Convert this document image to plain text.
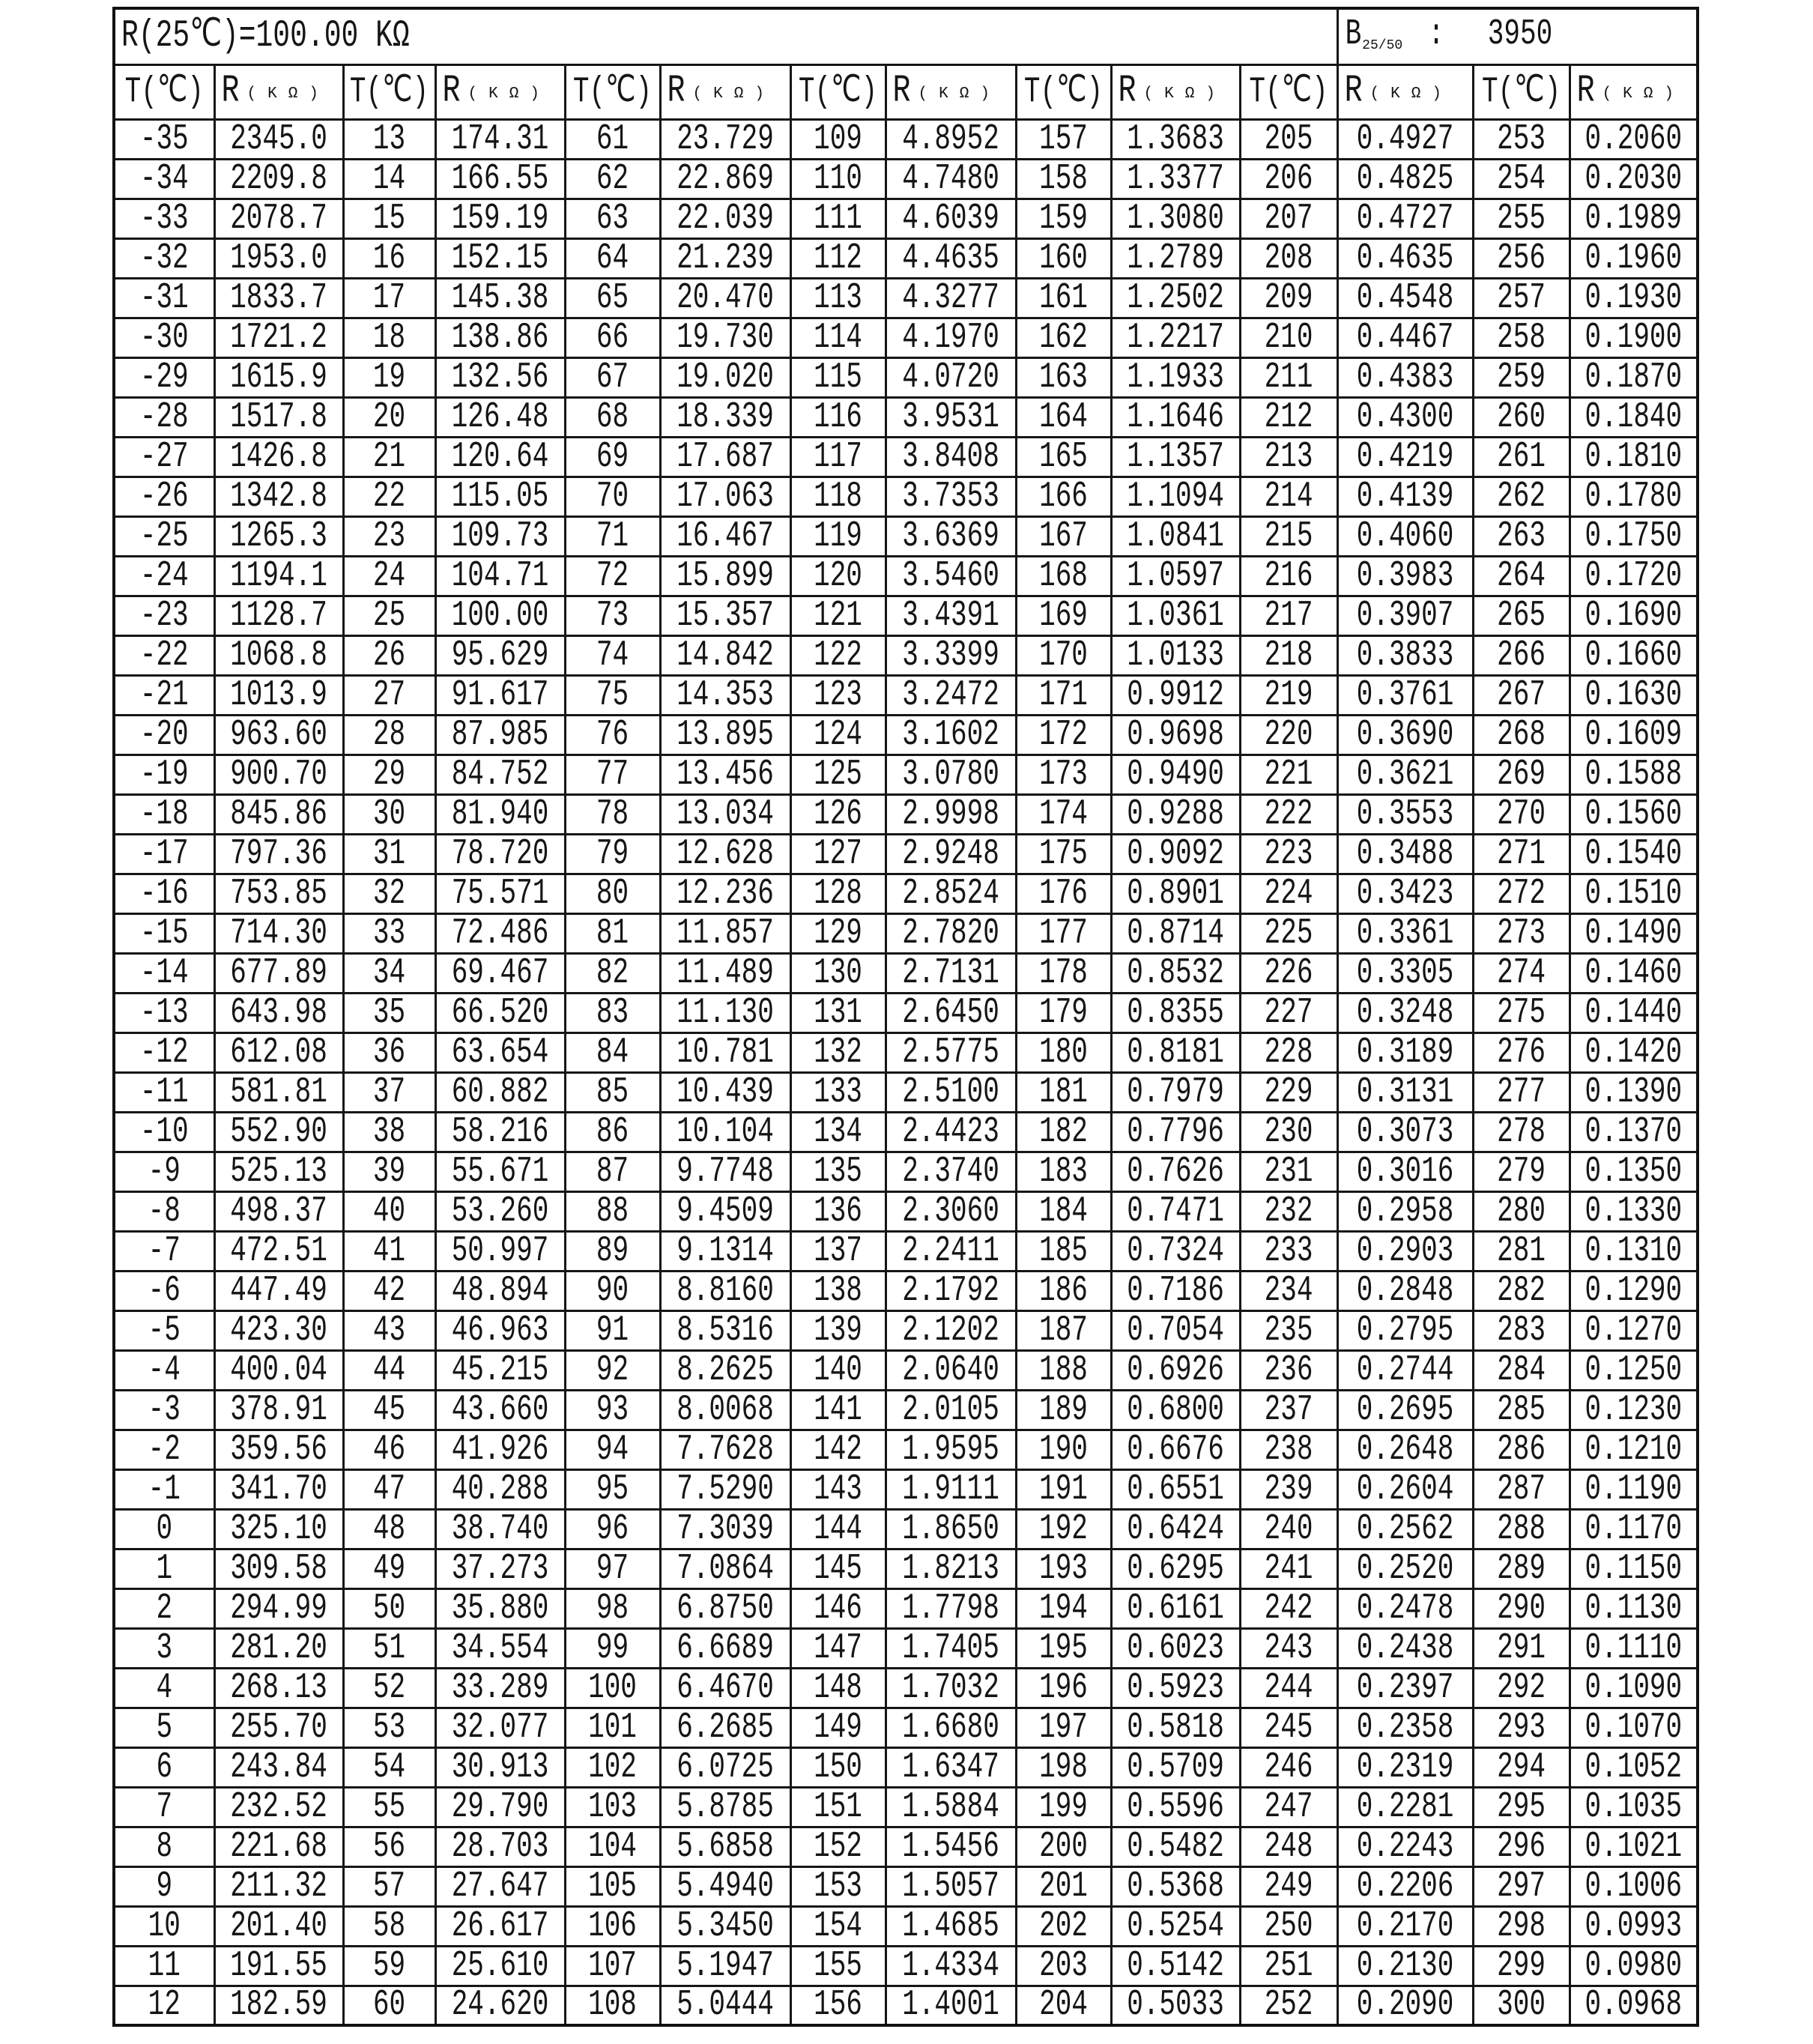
R(25℃)=100.00 KΩ											$B_{25/50}$ : 3950		
T(℃)	R (KΩ)	T(℃)	R (KΩ)	T(℃)	R (KΩ)	T(℃)	R (KΩ)	T(℃)	R (KΩ)	T(℃)	R (KΩ)	T(℃)	R (KΩ)
-35	2345.0	13	174.31	61	23.729	109	4.8952	157	1.3683	205	0.4927	253	0.2060
-34	2209.8	14	166.55	62	22.869	110	4.7480	158	1.3377	206	0.4825	254	0.2030
-33	2078.7	15	159.19	63	22.039	111	4.6039	159	1.3080	207	0.4727	255	0.1989
-32	1953.0	16	152.15	64	21.239	112	4.4635	160	1.2789	208	0.4635	256	0.1960
-31	1833.7	17	145.38	65	20.470	113	4.3277	161	1.2502	209	0.4548	257	0.1930
-30	1721.2	18	138.86	66	19.730	114	4.1970	162	1.2217	210	0.4467	258	0.1900
-29	1615.9	19	132.56	67	19.020	115	4.0720	163	1.1933	211	0.4383	259	0.1870
-28	1517.8	20	126.48	68	18.339	116	3.9531	164	1.1646	212	0.4300	260	0.1840
-27	1426.8	21	120.64	69	17.687	117	3.8408	165	1.1357	213	0.4219	261	0.1810
-26	1342.8	22	115.05	70	17.063	118	3.7353	166	1.1094	214	0.4139	262	0.1780
-25	1265.3	23	109.73	71	16.467	119	3.6369	167	1.0841	215	0.4060	263	0.1750
-24	1194.1	24	104.71	72	15.899	120	3.5460	168	1.0597	216	0.3983	264	0.1720
-23	1128.7	25	100.00	73	15.357	121	3.4391	169	1.0361	217	0.3907	265	0.1690
-22	1068.8	26	95.629	74	14.842	122	3.3399	170	1.0133	218	0.3833	266	0.1660
-21	1013.9	27	91.617	75	14.353	123	3.2472	171	0.9912	219	0.3761	267	0.1630
-20	963.60	28	87.985	76	13.895	124	3.1602	172	0.9698	220	0.3690	268	0.1609
-19	900.70	29	84.752	77	13.456	125	3.0780	173	0.9490	221	0.3621	269	0.1588
-18	845.86	30	81.940	78	13.034	126	2.9998	174	0.9288	222	0.3553	270	0.1560
-17	797.36	31	78.720	79	12.628	127	2.9248	175	0.9092	223	0.3488	271	0.1540
-16	753.85	32	75.571	80	12.236	128	2.8524	176	0.8901	224	0.3423	272	0.1510
-15	714.30	33	72.486	81	11.857	129	2.7820	177	0.8714	225	0.3361	273	0.1490
-14	677.89	34	69.467	82	11.489	130	2.7131	178	0.8532	226	0.3305	274	0.1460
-13	643.98	35	66.520	83	11.130	131	2.6450	179	0.8355	227	0.3248	275	0.1440
-12	612.08	36	63.654	84	10.781	132	2.5775	180	0.8181	228	0.3189	276	0.1420
-11	581.81	37	60.882	85	10.439	133	2.5100	181	0.7979	229	0.3131	277	0.1390
-10	552.90	38	58.216	86	10.104	134	2.4423	182	0.7796	230	0.3073	278	0.1370
-9	525.13	39	55.671	87	9.7748	135	2.3740	183	0.7626	231	0.3016	279	0.1350
-8	498.37	40	53.260	88	9.4509	136	2.3060	184	0.7471	232	0.2958	280	0.1330
-7	472.51	41	50.997	89	9.1314	137	2.2411	185	0.7324	233	0.2903	281	0.1310
-6	447.49	42	48.894	90	8.8160	138	2.1792	186	0.7186	234	0.2848	282	0.1290
-5	423.30	43	46.963	91	8.5316	139	2.1202	187	0.7054	235	0.2795	283	0.1270
-4	400.04	44	45.215	92	8.2625	140	2.0640	188	0.6926	236	0.2744	284	0.1250
-3	378.91	45	43.660	93	8.0068	141	2.0105	189	0.6800	237	0.2695	285	0.1230
-2	359.56	46	41.926	94	7.7628	142	1.9595	190	0.6676	238	0.2648	286	0.1210
-1	341.70	47	40.288	95	7.5290	143	1.9111	191	0.6551	239	0.2604	287	0.1190
0	325.10	48	38.740	96	7.3039	144	1.8650	192	0.6424	240	0.2562	288	0.1170
1	309.58	49	37.273	97	7.0864	145	1.8213	193	0.6295	241	0.2520	289	0.1150
2	294.99	50	35.880	98	6.8750	146	1.7798	194	0.6161	242	0.2478	290	0.1130
3	281.20	51	34.554	99	6.6689	147	1.7405	195	0.6023	243	0.2438	291	0.1110
4	268.13	52	33.289	100	6.4670	148	1.7032	196	0.5923	244	0.2397	292	0.1090
5	255.70	53	32.077	101	6.2685	149	1.6680	197	0.5818	245	0.2358	293	0.1070
6	243.84	54	30.913	102	6.0725	150	1.6347	198	0.5709	246	0.2319	294	0.1052
7	232.52	55	29.790	103	5.8785	151	1.5884	199	0.5596	247	0.2281	295	0.1035
8	221.68	56	28.703	104	5.6858	152	1.5456	200	0.5482	248	0.2243	296	0.1021
9	211.32	57	27.647	105	5.4940	153	1.5057	201	0.5368	249	0.2206	297	0.1006
10	201.40	58	26.617	106	5.3450	154	1.4685	202	0.5254	250	0.2170	298	0.0993
11	191.55	59	25.610	107	5.1947	155	1.4334	203	0.5142	251	0.2130	299	0.0980
12	182.59	60	24.620	108	5.0444	156	1.4001	204	0.5033	252	0.2090	300	0.0968
